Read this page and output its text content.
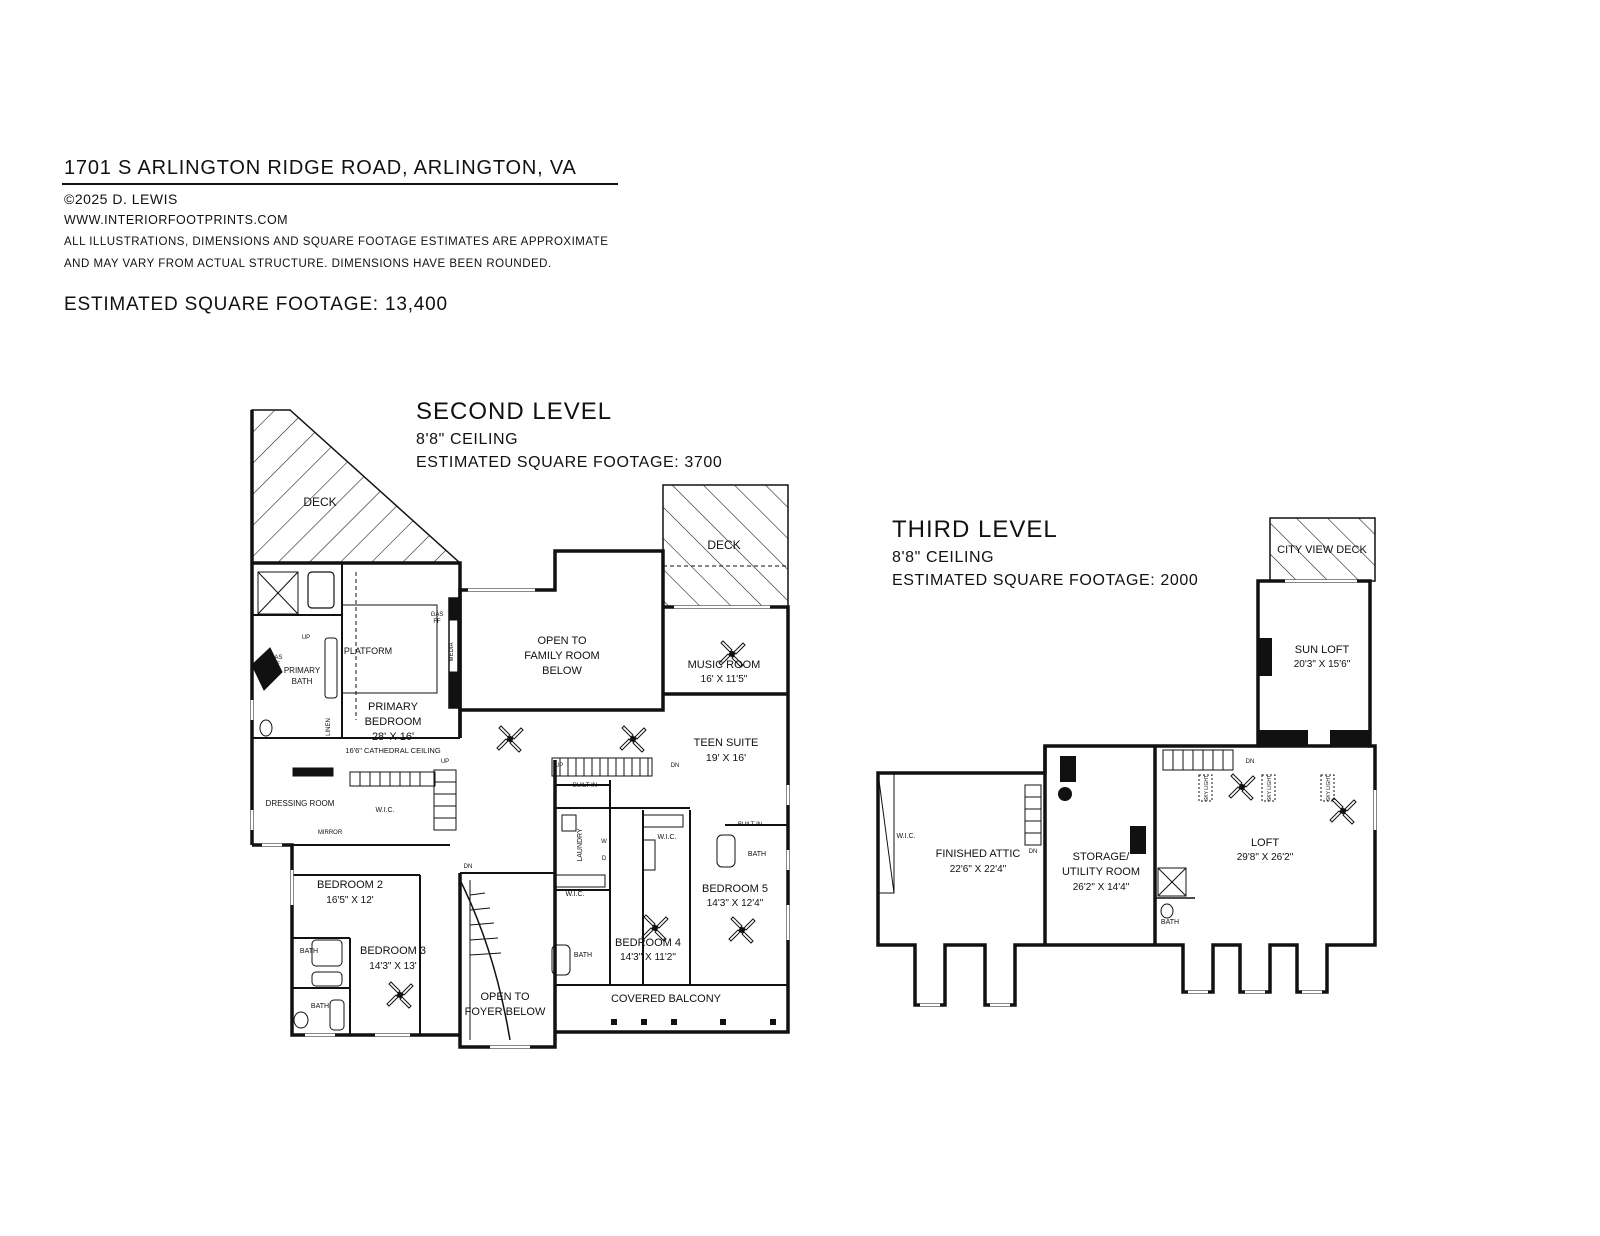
1701 S ARLINGTON RIDGE ROAD, ARLINGTON, VA
©2025 D. LEWIS
WWW.INTERIORFOOTPRINTS.COM
ALL ILLUSTRATIONS, DIMENSIONS AND SQUARE FOOTAGE ESTIMATES ARE APPROXIMATE
AND MAY VARY FROM ACTUAL STRUCTURE. DIMENSIONS HAVE BEEN ROUNDED.
ESTIMATED SQUARE FOOTAGE: 13,400
SECOND LEVEL
8'8" CEILING
ESTIMATED SQUARE FOOTAGE: 3700
THIRD LEVEL
8'8" CEILING
ESTIMATED SQUARE FOOTAGE: 2000
DECK
DECK
GAS
FF
GAS
FF
UP
PLATFORM	MEDIA
PRIMARY
BATH
LINEN
PRIMARY
BEDROOM
28' X 16'
16'6" CATHEDRAL CEILING
UP
OPEN TO
FAMILY ROOM
BELOW	MUSIC ROOM
16' X 11'5"
TEEN SUITE
19' X 16'
UP	DN
BUILT-IN
BUILT-IN
DRESSING ROOM
W.I.C.
MIRROR	LAUNDRY	W
D
W.I.C.
BATH
BEDROOM 5
14'3" X 12'4"
BEDROOM 2
16'5" X 12'
DN
W.I.C.
BATH
BEDROOM 4
14'3" X 11'2"
BATH	BEDROOM 3
14'3" X 13'
BATH
OPEN TO
FOYER BELOW
COVERED BALCONY
CITY VIEW DECK
SUN LOFT
20'3" X 15'6"
GAS
FF
W.I.C.
FINISHED ATTIC
22'6" X 22'4"
STORAGE/
UTILITY ROOM
26'2" X 14'4"
LOFT
29'8" X 26'2"
DN
DN
BATH
SKY LIGHT	SKY LIGHT	SKY LIGHT
